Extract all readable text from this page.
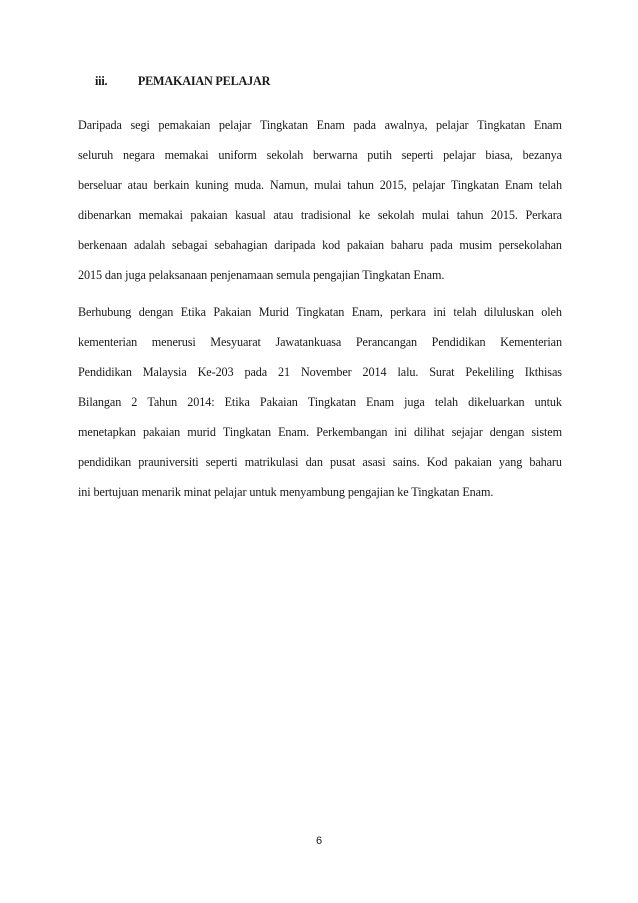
iii. PEMAKAIAN PELAJAR
Daripada segi pemakaian pelajar Tingkatan Enam pada awalnya, pelajar Tingkatan Enam
seluruh negara memakai uniform sekolah berwarna putih seperti pelajar biasa, bezanya
berseluar atau berkain kuning muda. Namun, mulai tahun 2015, pelajar Tingkatan Enam telah
dibenarkan memakai pakaian kasual atau tradisional ke sekolah mulai tahun 2015. Perkara
berkenaan adalah sebagai sebahagian daripada kod pakaian baharu pada musim persekolahan
2015 dan juga pelaksanaan penjenamaan semula pengajian Tingkatan Enam.
Berhubung dengan Etika Pakaian Murid Tingkatan Enam, perkara ini telah diluluskan oleh
kementerian menerusi Mesyuarat Jawatankuasa Perancangan Pendidikan Kementerian
Pendidikan Malaysia Ke-203 pada 21 November 2014 lalu. Surat Pekeliling Ikthisas
Bilangan 2 Tahun 2014: Etika Pakaian Tingkatan Enam juga telah dikeluarkan untuk
menetapkan pakaian murid Tingkatan Enam. Perkembangan ini dilihat sejajar dengan sistem
pendidikan prauniversiti seperti matrikulasi dan pusat asasi sains. Kod pakaian yang baharu
ini bertujuan menarik minat pelajar untuk menyambung pengajian ke Tingkatan Enam.
6
